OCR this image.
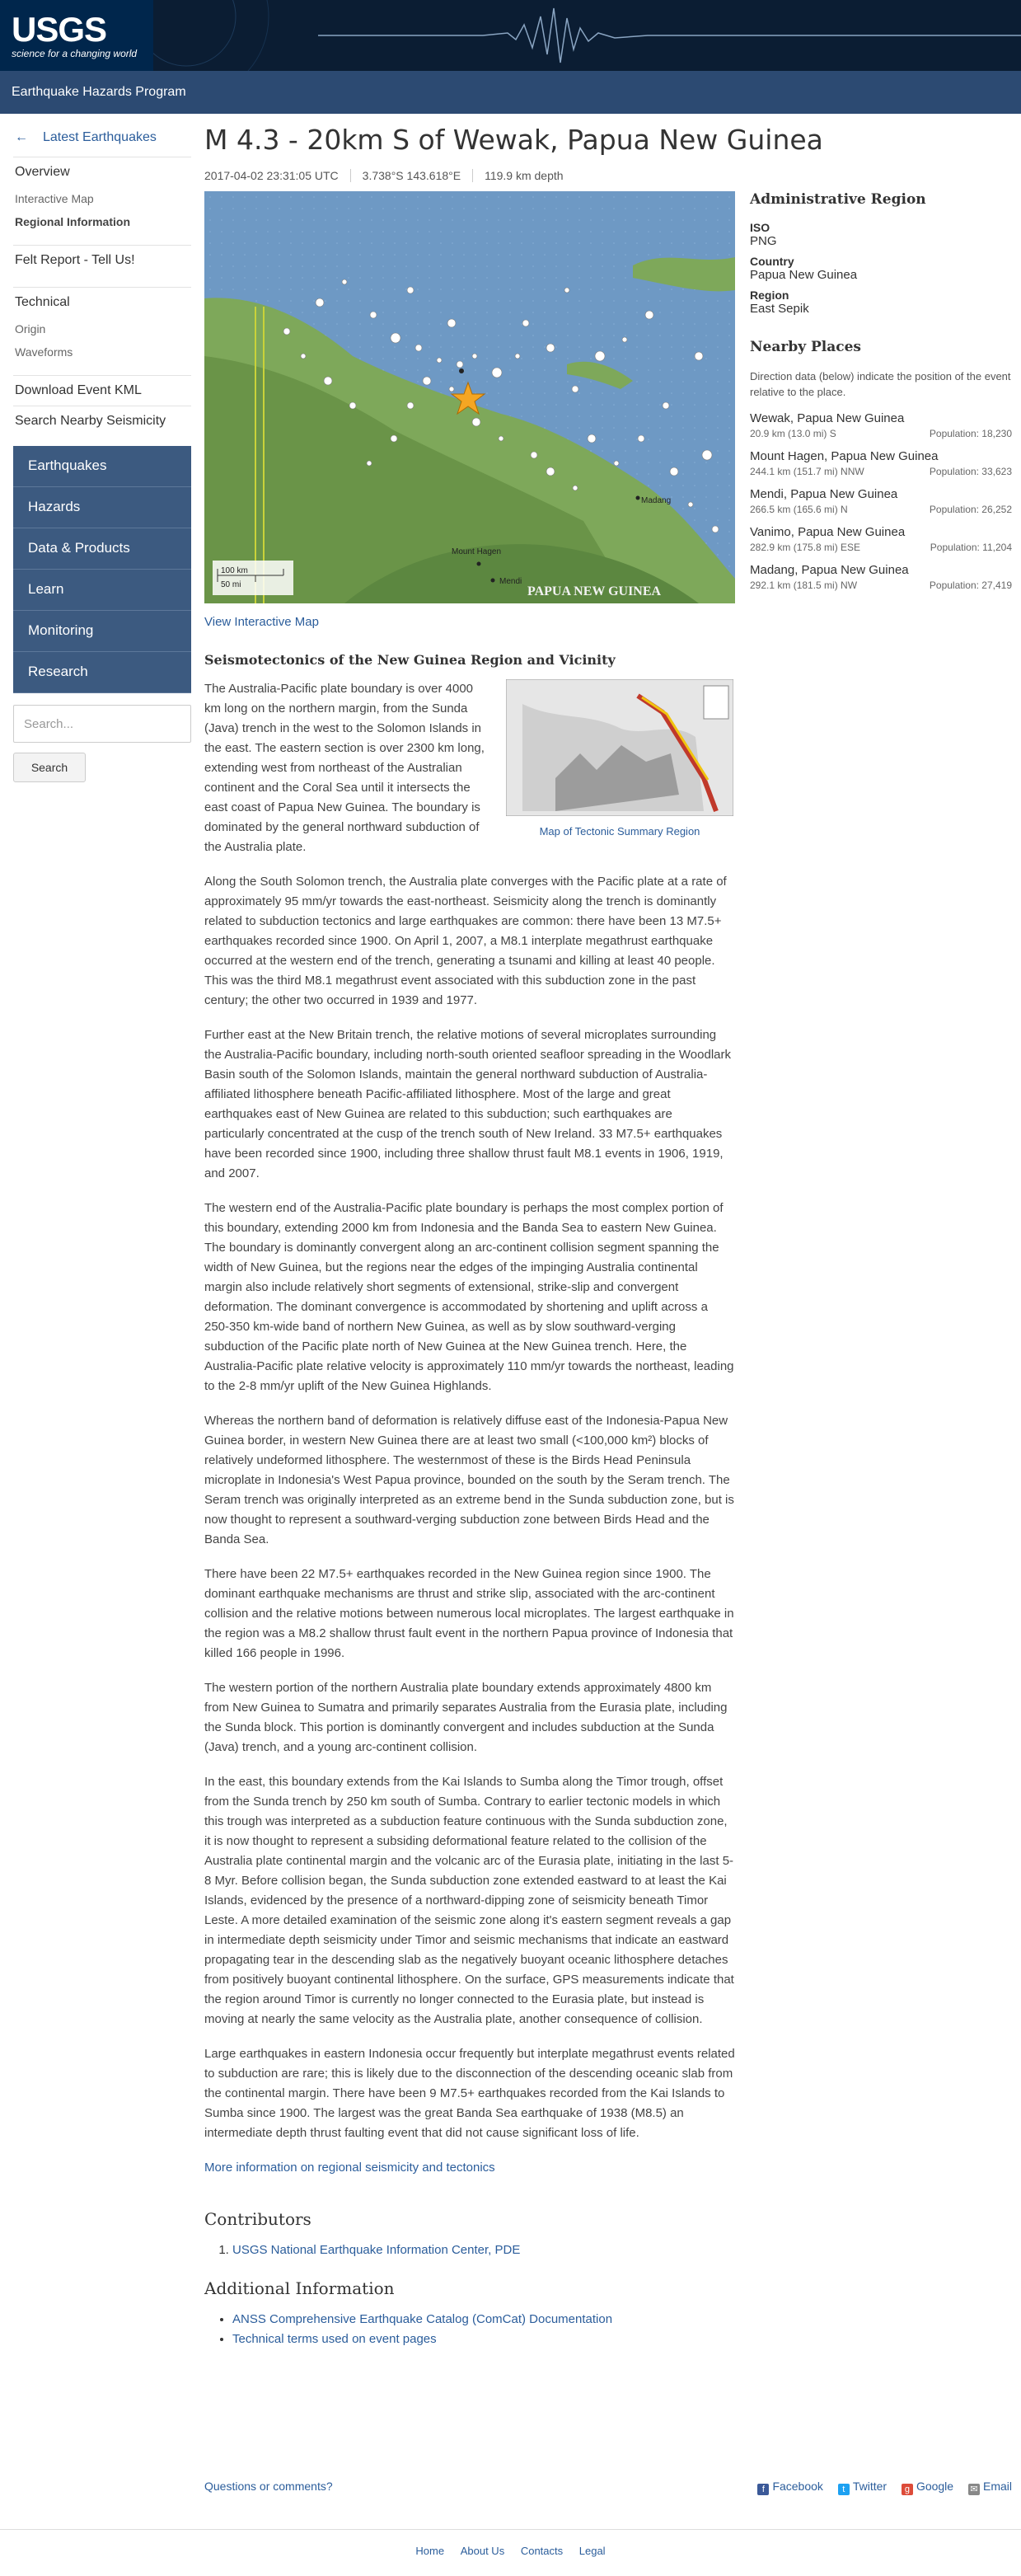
USGS
science for a changing world
Earthquake Hazards Program
← Latest Earthquakes
Overview
Interactive Map
Regional Information
Felt Report - Tell Us!
Technical
Origin
Waveforms
Download Event KML
Search Nearby Seismicity
Earthquakes
Hazards
Data & Products
Learn
Monitoring
Research
Search...
Search
M 4.3 - 20km S of Wewak, Papua New Guinea
2017-04-02 23:31:05 UTC	3.738°S 143.618°E	119.9 km depth
100 km
50 mi
Madang
Mount Hagen
Mendi
PAPUA NEW GUINEA
View Interactive Map
Seismotectonics of the New Guinea Region and Vicinity
Map of Tectonic Summary Region

The Australia-Pacific plate boundary is over 4000 km long on the northern margin, from the Sunda (Java) trench in the west to the Solomon Islands in the east. The eastern section is over 2300 km long, extending west from northeast of the Australian continent and the Coral Sea until it intersects the east coast of Papua New Guinea. The boundary is dominated by the general northward subduction of the Australia plate.

Along the South Solomon trench, the Australia plate converges with the Pacific plate at a rate of approximately 95 mm/yr towards the east-northeast. Seismicity along the trench is dominantly related to subduction tectonics and large earthquakes are common: there have been 13 M7.5+ earthquakes recorded since 1900. On April 1, 2007, a M8.1 interplate megathrust earthquake occurred at the western end of the trench, generating a tsunami and killing at least 40 people. This was the third M8.1 megathrust event associated with this subduction zone in the past century; the other two occurred in 1939 and 1977.

Further east at the New Britain trench, the relative motions of several microplates surrounding the Australia-Pacific boundary, including north-south oriented seafloor spreading in the Woodlark Basin south of the Solomon Islands, maintain the general northward subduction of Australia-affiliated lithosphere beneath Pacific-affiliated lithosphere. Most of the large and great earthquakes east of New Guinea are related to this subduction; such earthquakes are particularly concentrated at the cusp of the trench south of New Ireland. 33 M7.5+ earthquakes have been recorded since 1900, including three shallow thrust fault M8.1 events in 1906, 1919, and 2007.

The western end of the Australia-Pacific plate boundary is perhaps the most complex portion of this boundary, extending 2000 km from Indonesia and the Banda Sea to eastern New Guinea. The boundary is dominantly convergent along an arc-continent collision segment spanning the width of New Guinea, but the regions near the edges of the impinging Australia continental margin also include relatively short segments of extensional, strike-slip and convergent deformation. The dominant convergence is accommodated by shortening and uplift across a 250-350 km-wide band of northern New Guinea, as well as by slow southward-verging subduction of the Pacific plate north of New Guinea at the New Guinea trench. Here, the Australia-Pacific plate relative velocity is approximately 110 mm/yr towards the northeast, leading to the 2-8 mm/yr uplift of the New Guinea Highlands.

Whereas the northern band of deformation is relatively diffuse east of the Indonesia-Papua New Guinea border, in western New Guinea there are at least two small (<100,000 km²) blocks of relatively undeformed lithosphere. The westernmost of these is the Birds Head Peninsula microplate in Indonesia's West Papua province, bounded on the south by the Seram trench. The Seram trench was originally interpreted as an extreme bend in the Sunda subduction zone, but is now thought to represent a southward-verging subduction zone between Birds Head and the Banda Sea.

There have been 22 M7.5+ earthquakes recorded in the New Guinea region since 1900. The dominant earthquake mechanisms are thrust and strike slip, associated with the arc-continent collision and the relative motions between numerous local microplates. The largest earthquake in the region was a M8.2 shallow thrust fault event in the northern Papua province of Indonesia that killed 166 people in 1996.

The western portion of the northern Australia plate boundary extends approximately 4800 km from New Guinea to Sumatra and primarily separates Australia from the Eurasia plate, including the Sunda block. This portion is dominantly convergent and includes subduction at the Sunda (Java) trench, and a young arc-continent collision.

In the east, this boundary extends from the Kai Islands to Sumba along the Timor trough, offset from the Sunda trench by 250 km south of Sumba. Contrary to earlier tectonic models in which this trough was interpreted as a subduction feature continuous with the Sunda subduction zone, it is now thought to represent a subsiding deformational feature related to the collision of the Australia plate continental margin and the volcanic arc of the Eurasia plate, initiating in the last 5-8 Myr. Before collision began, the Sunda subduction zone extended eastward to at least the Kai Islands, evidenced by the presence of a northward-dipping zone of seismicity beneath Timor Leste. A more detailed examination of the seismic zone along it's eastern segment reveals a gap in intermediate depth seismicity under Timor and seismic mechanisms that indicate an eastward propagating tear in the descending slab as the negatively buoyant oceanic lithosphere detaches from positively buoyant continental lithosphere. On the surface, GPS measurements indicate that the region around Timor is currently no longer connected to the Eurasia plate, but instead is moving at nearly the same velocity as the Australia plate, another consequence of collision.

Large earthquakes in eastern Indonesia occur frequently but interplate megathrust events related to subduction are rare; this is likely due to the disconnection of the descending oceanic slab from the continental margin. There have been 9 M7.5+ earthquakes recorded from the Kai Islands to Sumba since 1900. The largest was the great Banda Sea earthquake of 1938 (M8.5) an intermediate depth thrust faulting event that did not cause significant loss of life.

More information on regional seismicity and tectonics

Contributors
1. USGS National Earthquake Information Center, PDE
Additional Information
• ANSS Comprehensive Earthquake Catalog (ComCat) Documentation
• Technical terms used on event pages
Administrative Region
ISO
PNG
Country
Papua New Guinea
Region
East Sepik
Nearby Places
Direction data (below) indicate the position of the event relative to the place.
Wewak, Papua New Guinea
20.9 km (13.0 mi) S	Population: 18,230
Mount Hagen, Papua New Guinea
244.1 km (151.7 mi) NNW	Population: 33,623
Mendi, Papua New Guinea
266.5 km (165.6 mi) N	Population: 26,252
Vanimo, Papua New Guinea
282.9 km (175.8 mi) ESE	Population: 11,204
Madang, Papua New Guinea
292.1 km (181.5 mi) NW	Population: 27,419
Questions or comments?	f Facebook t Twitter g Google ✉ Email
Home About Us Contacts Legal
